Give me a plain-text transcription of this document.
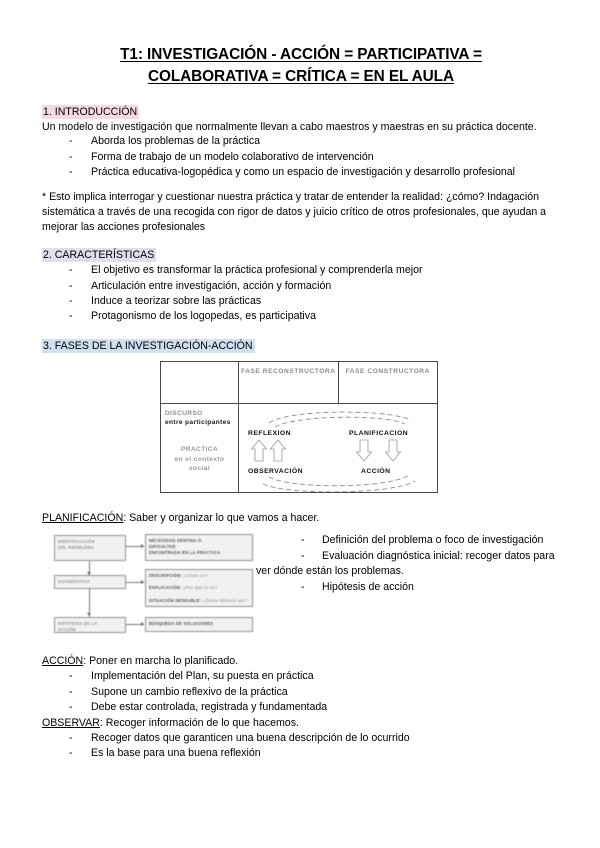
T1: INVESTIGACIÓN - ACCIÓN = PARTICIPATIVA =
COLABORATIVA = CRÍTICA = EN EL AULA
1. INTRODUCCIÓN

Un modelo de investigación que normalmente llevan a cabo maestros y maestras en su práctica docente.

- Aborda los problemas de la práctica
- Forma de trabajo de un modelo colaborativo de intervención
- Práctica educativa-logopédica y como un espacio de investigación y desarrollo profesional

* Esto implica interrogar y cuestionar nuestra práctica y tratar de entender la realidad: ¿cómo? Indagación sistemática a través de una recogida con rigor de datos y juicio crítico de otros profesionales, que ayudan a mejorar las acciones profesionales

2. CARACTERÍSTICAS
- El objetivo es transformar la práctica profesional y comprenderla mejor
- Articulación entre investigación, acción y formación
- Induce a teorizar sobre las prácticas
- Protagonismo de los logopedas, es participativa
3. FASES DE LA INVESTIGACIÓN-ACCIÓN
FASE RECONSTRUCTORA	FASE CONSTRUCTORA
DISCURSO
entre participantes
PRACTICA
en el contexto
social
REFLEXION
OBSERVACIÓN
PLANIFICACION
ACCIÓN

PLANIFICACIÓN: Saber y organizar lo que vamos a hacer.

IDENTIFICACIÓN
DEL PROBLEMA
NECESIDAD SENTIDA O
DIFICULTAD
ENCONTRADA EN LA PRÁCTICA
DIAGNÓSTICO
DESCRIPCIÓN: ¿Cómo es?

EXPLICACIÓN: ¿Por qué lo es?

SITUACIÓN DESEABLE: ¿Cómo debería ser?
HIPÓTESIS DE LA
ACCIÓN
BÚSQUEDA DE SOLUCIONES
- Definición del problema o foco de investigación
- Evaluación diagnóstica inicial: recoger datos para
ver dónde están los problemas.
- Hipótesis de acción

ACCIÓN: Poner en marcha lo planificado.

- Implementación del Plan, su puesta en práctica
- Supone un cambio reflexivo de la práctica
- Debe estar controlada, registrada y fundamentada

OBSERVAR: Recoger información de lo que hacemos.

- Recoger datos que garanticen una buena descripción de lo ocurrido
- Es la base para una buena reflexión
